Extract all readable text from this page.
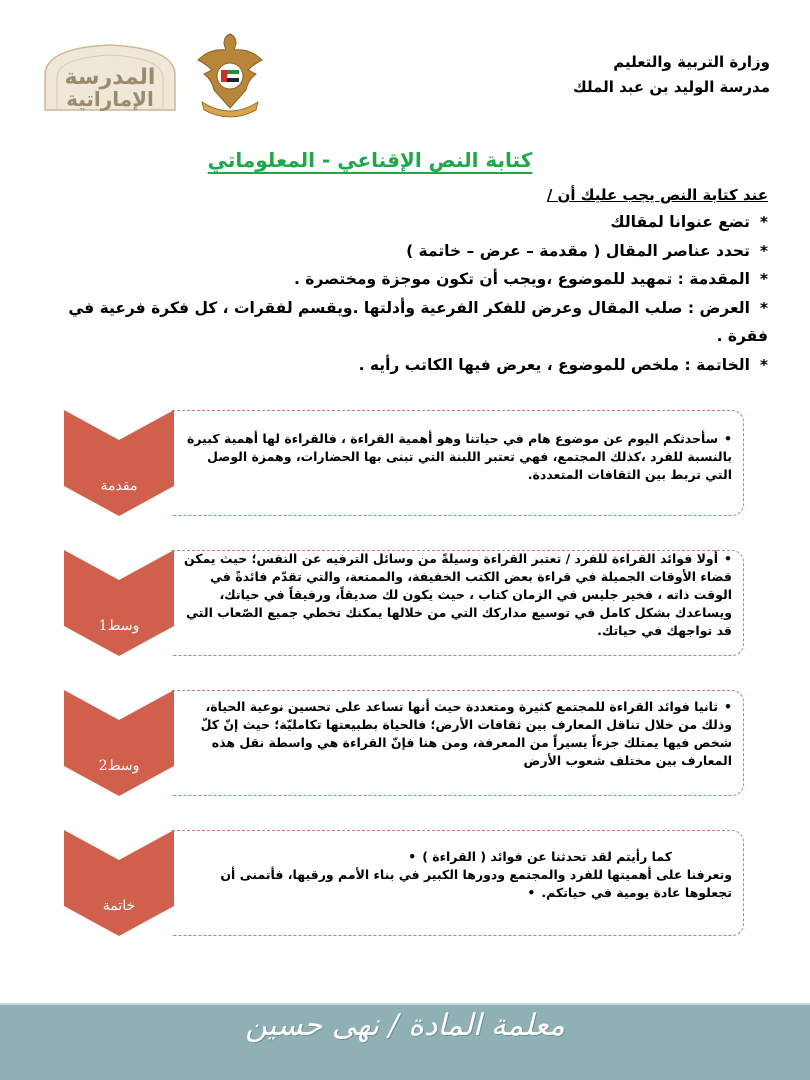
وزارة التربية والتعليم
مدرسة الوليد بن عبد الملك
المدرسة
الإماراتية
كتابة النص الإقناعي - المعلوماتي
عند كتابة النص يجب عليك أن /
*تضع عنوانا لمقالك
*تحدد عناصر المقال ( مقدمة – عرض – خاتمة )
*المقدمة : تمهيد للموضوع ،ويجب أن تكون موجزة ومختصرة .
*العرض : صلب المقال وعرض للفكر الفرعية وأدلتها .ويقسم لفقرات ، كل فكرة فرعية في فقرة .
*الخاتمة : ملخص للموضوع ، يعرض فيها الكاتب رأيه .
مقدمة
•سأحدثكم اليوم عن موضوع هام في حياتنا وهو أهمية القراءة ، فالقراءة لها أهمية كبيرة بالنسبة للفرد ،كذلك المجتمع، فهي تعتبر اللبنة التي تبنى بها الحضارات، وهمزة الوصل التي تربط بين الثقافات المتعددة.
وسط1
•أولا فوائد القراءة للفرد / تعتبر القراءة وسيلةً من وسائل الترفيه عن النفس؛ حيث يمكن قضاء الأوقات الجميلة في قراءة بعض الكتب الخفيفة، والممتعة، والتي تقدّم فائدةً في الوقت ذاته ، فخير جليس في الزمان كتاب ، حيث يكون لك صديقاً، ورفيقاً في حياتك، ويساعدك بشكل كامل في توسيع مداركك التي من خلالها يمكنك تخطي جميع الصّعاب التي قد تواجهك في حياتك.
وسط2
•ثانيا فوائد القراءة للمجتمع كثيرة ومتعددة حيث أنها تساعد على تحسين نوعية الحياة، وذلك من خلال تناقل المعارف بين ثقافات الأرض؛ فالحياة بطبيعتها تكامليّة؛ حيث إنّ كلّ شخص فيها يمتلك جزءاً يسيراً من المعرفة، ومن هنا فإنّ القراءة هي واسطة نقل هذه المعارف بين مختلف شعوب الأرض
خاتمة
كما رأيتم لقد تحدثنا عن فوائد ( القراءة )•
وتعرفنا على أهميتها للفرد والمجتمع ودورها الكبير في بناء الأمم ورقيها، فأتمنى أن تجعلوها عادة يومية في حياتكم.•
معلمة المادة / نهى حسين
